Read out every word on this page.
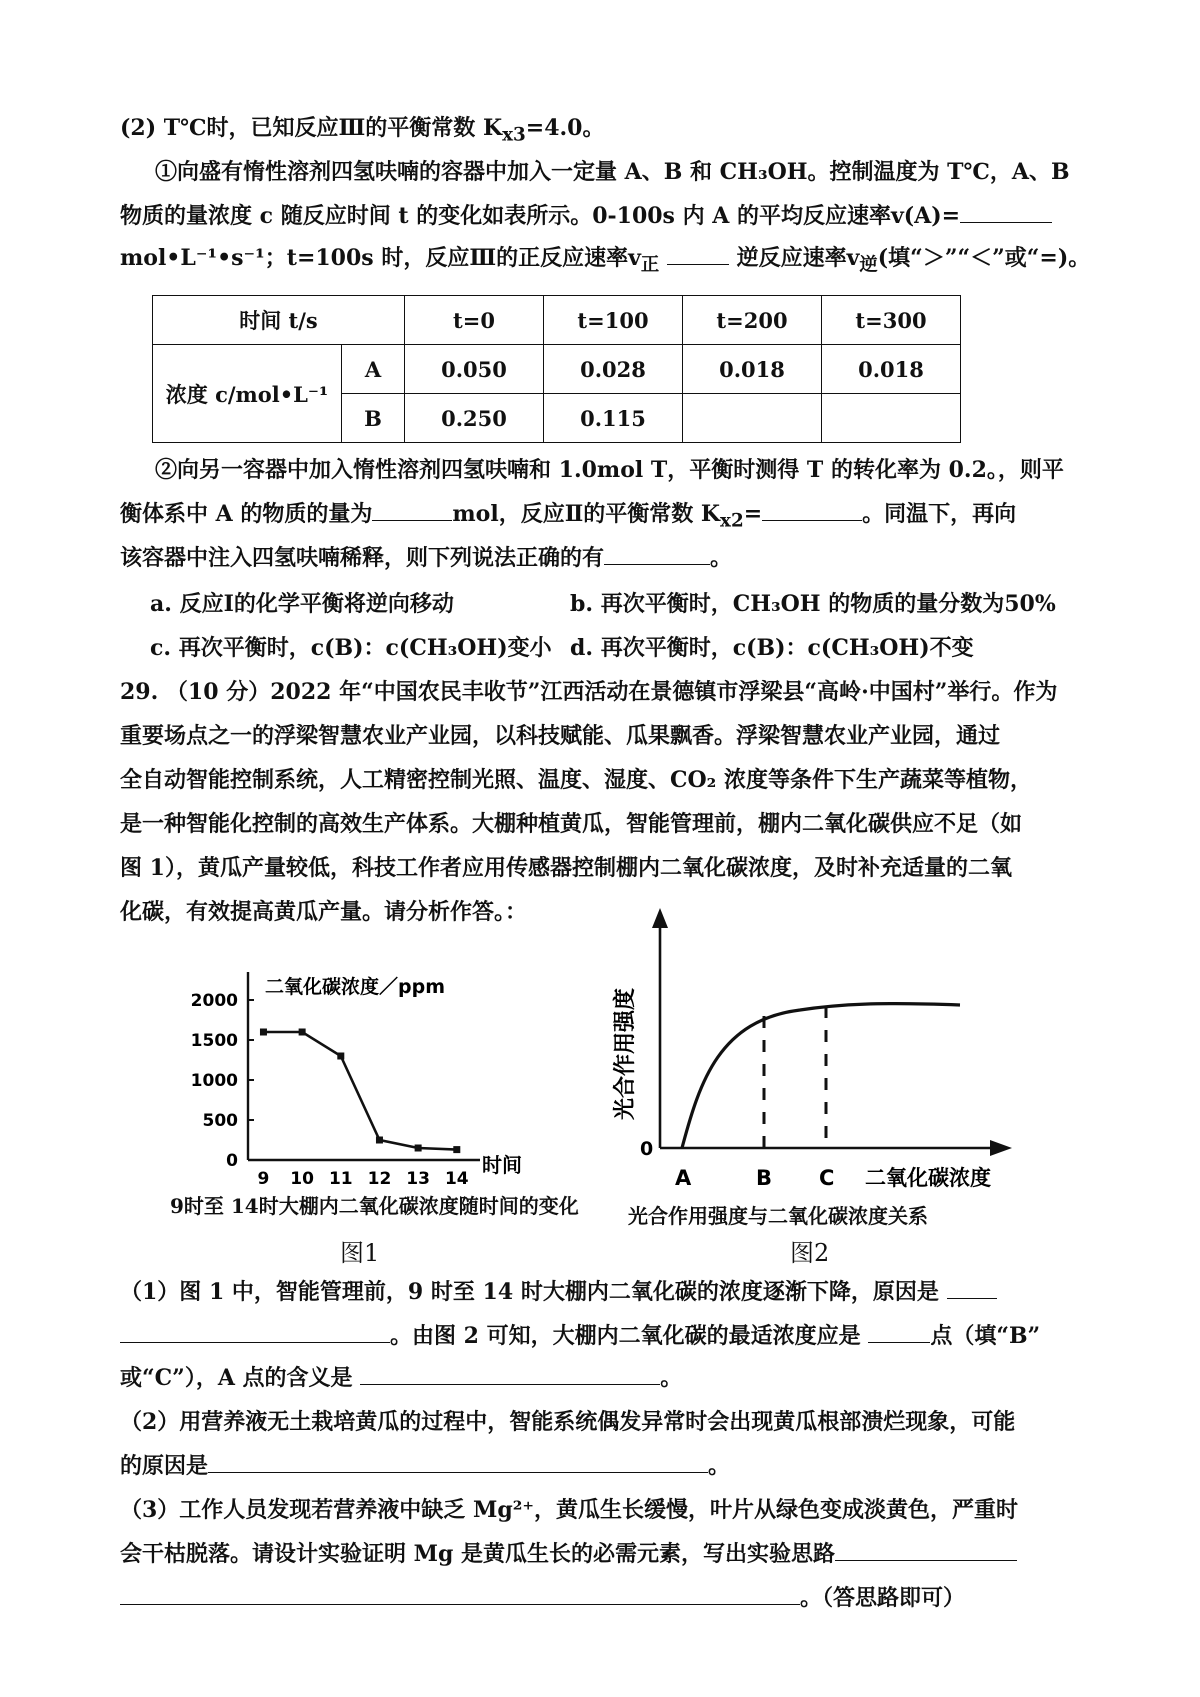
(2) T℃时，已知反应Ⅲ的平衡常数 $K_{x3}=4.0$。
①向盛有惰性溶剂四氢呋喃的容器中加入一定量 A、B 和 CH₃OH。控制温度为 T℃，A、B
物质的量浓度 c 随反应时间 t 的变化如表所示。0-100s 内 A 的平均反应速率v(A)=
mol•L⁻¹•s⁻¹；t=100s 时，反应Ⅲ的正反应速率$v_正$	逆反应速率$v_逆$(填“＞”“＜”或“=)。
时间 t/s		t=0	t=100	t=200	t=300
浓度 c/mol•L⁻¹	A	0.050	0.028	0.018	0.018
	B	0.250	0.115		
②向另一容器中加入惰性溶剂四氢呋喃和 1.0mol T，平衡时测得 T 的转化率为 0.2。，则平
衡体系中 A 的物质的量为	mol，反应Ⅱ的平衡常数 $K_{x2}=$	。同温下，再向
该容器中注入四氢呋喃稀释，则下列说法正确的有	。
a. 反应Ⅰ的化学平衡将逆向移动	b. 再次平衡时，CH₃OH 的物质的量分数为50%
c. 再次平衡时，c(B)：c(CH₃OH)变小 d. 再次平衡时，c(B)：c(CH₃OH)不变
29. （10 分）2022 年“中国农民丰收节”江西活动在景德镇市浮梁县“高岭·中国村”举行。作为
重要场点之一的浮梁智慧农业产业园，以科技赋能、瓜果飘香。浮梁智慧农业产业园，通过
全自动智能控制系统，人工精密控制光照、温度、湿度、CO₂ 浓度等条件下生产蔬菜等植物，
是一种智能化控制的高效生产体系。大棚种植黄瓜，智能管理前，棚内二氧化碳供应不足（如
图 1），黄瓜产量较低，科技工作者应用传感器控制棚内二氧化碳浓度，及时补充适量的二氧
化碳，有效提高黄瓜产量。请分析作答。：
二氧化碳浓度／ppm
0
500
1000
1500
2000
9 10 11 12 13 14
时间
9时至 14时大棚内二氧化碳浓度随时间的变化
图1
0
光合作用强度
A	B C 二氧化碳浓度
光合作用强度与二氧化碳浓度关系
图2
（1）图 1 中，智能管理前，9 时至 14 时大棚内二氧化碳的浓度逐渐下降，原因是
。由图 2 可知，大棚内二氧化碳的最适浓度应是	点（填“B”
或“C”），A 点的含义是	。
（2）用营养液无土栽培黄瓜的过程中，智能系统偶发异常时会出现黄瓜根部溃烂现象，可能
的原因是	。
（3）工作人员发现若营养液中缺乏 Mg²⁺，黄瓜生长缓慢，叶片从绿色变成淡黄色，严重时
会干枯脱落。请设计实验证明 Mg 是黄瓜生长的必需元素，写出实验思路
。（答思路即可）
